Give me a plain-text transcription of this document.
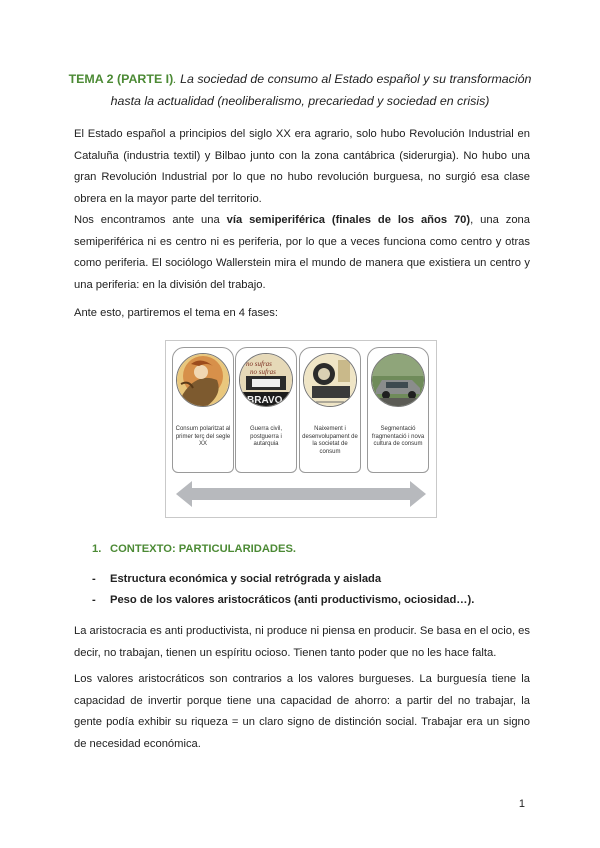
TEMA 2 (PARTE I). La sociedad de consumo al Estado español y su transformación
hasta la actualidad (neoliberalismo, precariedad y sociedad en crisis)

El Estado español a principios del siglo XX era agrario, solo hubo Revolución Industrial en Cataluña (industria textil) y Bilbao junto con la zona cantábrica (siderurgia). No hubo una gran Revolución Industrial por lo que no hubo revolución burguesa, no surgió esa clase obrera en la mayor parte del territorio.

Nos encontramos ante una vía semiperiférica (finales de los años 70), una zona semiperiférica ni es centro ni es periferia, por lo que a veces funciona como centro y otras como periferia. El sociólogo Wallerstein mira el mundo de manera que existiera un centro y una periferia: en la división del trabajo.

Ante esto, partiremos el tema en 4 fases:

Consum polaritzat al primer terç del segle XX
no sufras
no sufras
BRAVO
Guerra civil, postguerra i autarquia
Naixement i desenvolupament de la societat de consum
Segmentació fragmentació i nova cultura de consum
1. CONTEXTO: PARTICULARIDADES.
- Estructura económica y social retrógrada y aislada
- Peso de los valores aristocráticos (anti productivismo, ociosidad…).

La aristocracia es anti productivista, ni produce ni piensa en producir. Se basa en el ocio, es decir, no trabajan, tienen un espíritu ocioso. Tienen tanto poder que no les hace falta.

Los valores aristocráticos son contrarios a los valores burgueses. La burguesía tiene la capacidad de invertir porque tiene una capacidad de ahorro: a partir del no trabajar, la gente podía exhibir su riqueza = un claro signo de distinción social. Trabajar era un signo de necesidad económica.

1
